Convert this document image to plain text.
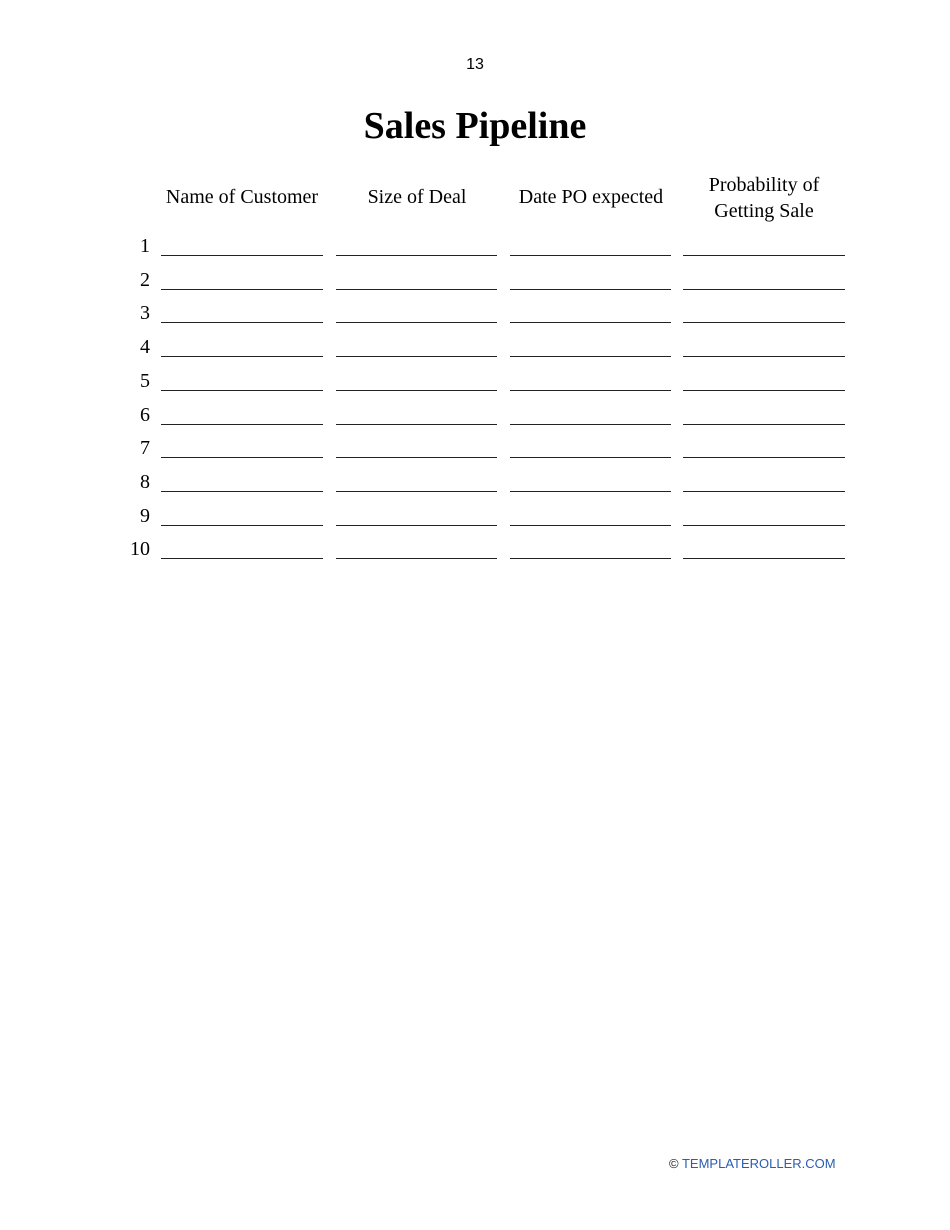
13
Sales Pipeline
Name of Customer	Size of Deal	Date PO expected
Probability of Getting Sale
1
2
3
4
5
6
7
8
9
10
© TEMPLATEROLLER.COM
